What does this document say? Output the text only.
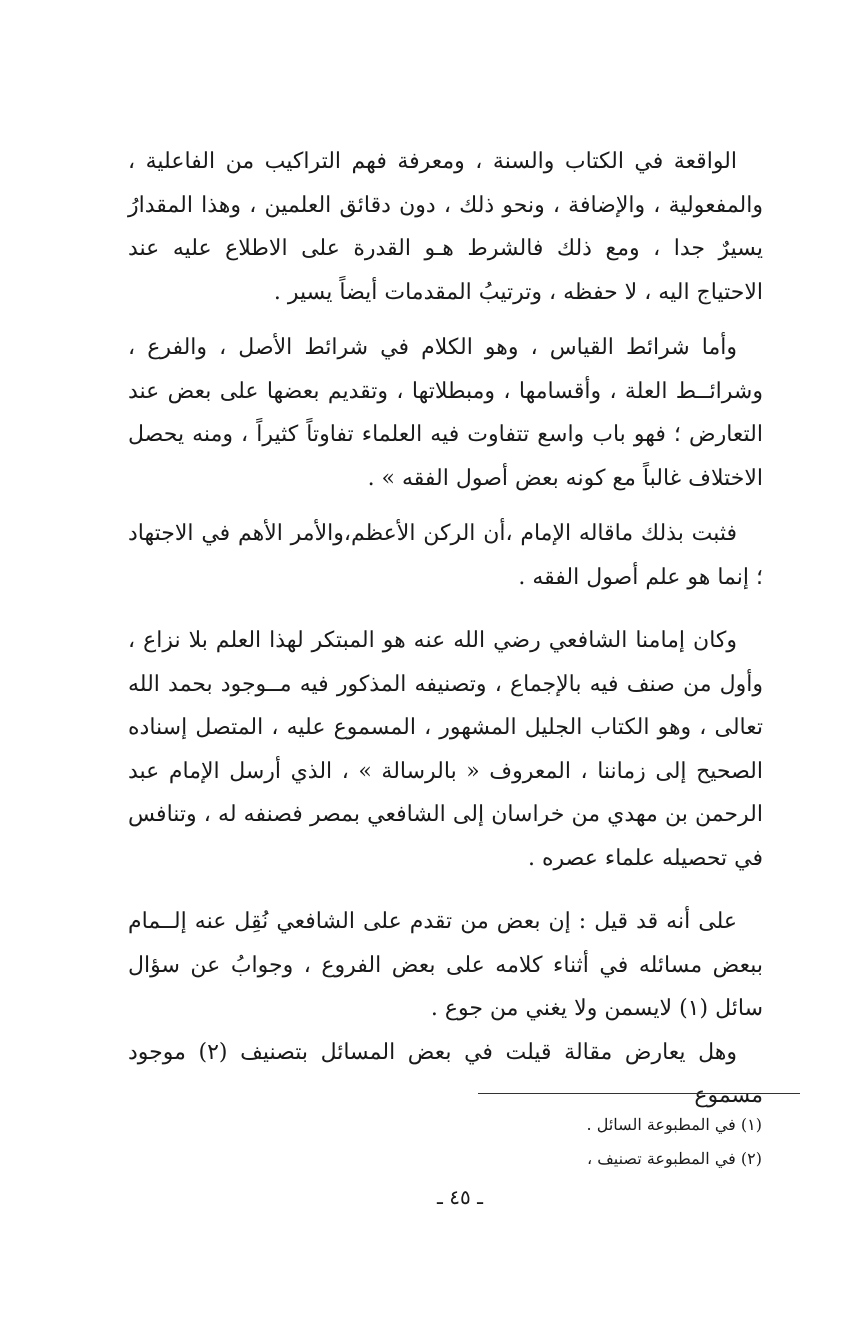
الواقعة في الكتاب والسنة ، ومعرفة فهم التراكيب من الفاعلية ، والمفعولية ، والإضافة ، ونحو ذلك ، دون دقائق العلمين ، وهذا المقدارُ يسيرٌ جدا ، ومع ذلك فالشرط هـو القدرة على الاطلاع عليه عند الاحتياج اليه ، لا حفظه ، وترتيبُ المقدمات أيضاً يسير .

وأما شرائط القياس ، وهو الكلام في شرائط الأصل ، والفرع ، وشرائــط العلة ، وأقسامها ، ومبطلاتها ، وتقديم بعضها على بعض عند التعارض ؛ فهو باب واسع تتفاوت فيه العلماء تفاوتاً كثيراً ، ومنه يحصل الاختلاف غالباً مع كونه بعض أصول الفقه » .

فثبت بذلك ماقاله الإمام ،أن الركن الأعظم،والأمر الأهم في الاجتهاد ؛ إنما هو علم أصول الفقه .

وكان إمامنا الشافعي رضي الله عنه هو المبتكر لهذا العلم بلا نزاع ، وأول من صنف فيه بالإجماع ، وتصنيفه المذكور فيه مــوجود بحمد الله تعالى ، وهو الكتاب الجليل المشهور ، المسموع عليه ، المتصل إسناده الصحيح إلى زماننا ، المعروف « بالرسالة » ، الذي أرسل الإمام عبد الرحمن بن مهدي من خراسان إلى الشافعي بمصر فصنفه له ، وتنافس في تحصيله علماء عصره .

على أنه قد قيل : إن بعض من تقدم على الشافعي نُقِل عنه إلــمام ببعض مسائله في أثناء كلامه على بعض الفروع ، وجوابُ عن سؤال سائل (١) لايسمن ولا يغني من جوع .

وهل يعارض مقالة قيلت في بعض المسائل بتصنيف (٢) موجود مسموع

(١) في المطبوعة السائل .

(٢) في المطبوعة تصنيف ،

ـ ٤٥ ـ
